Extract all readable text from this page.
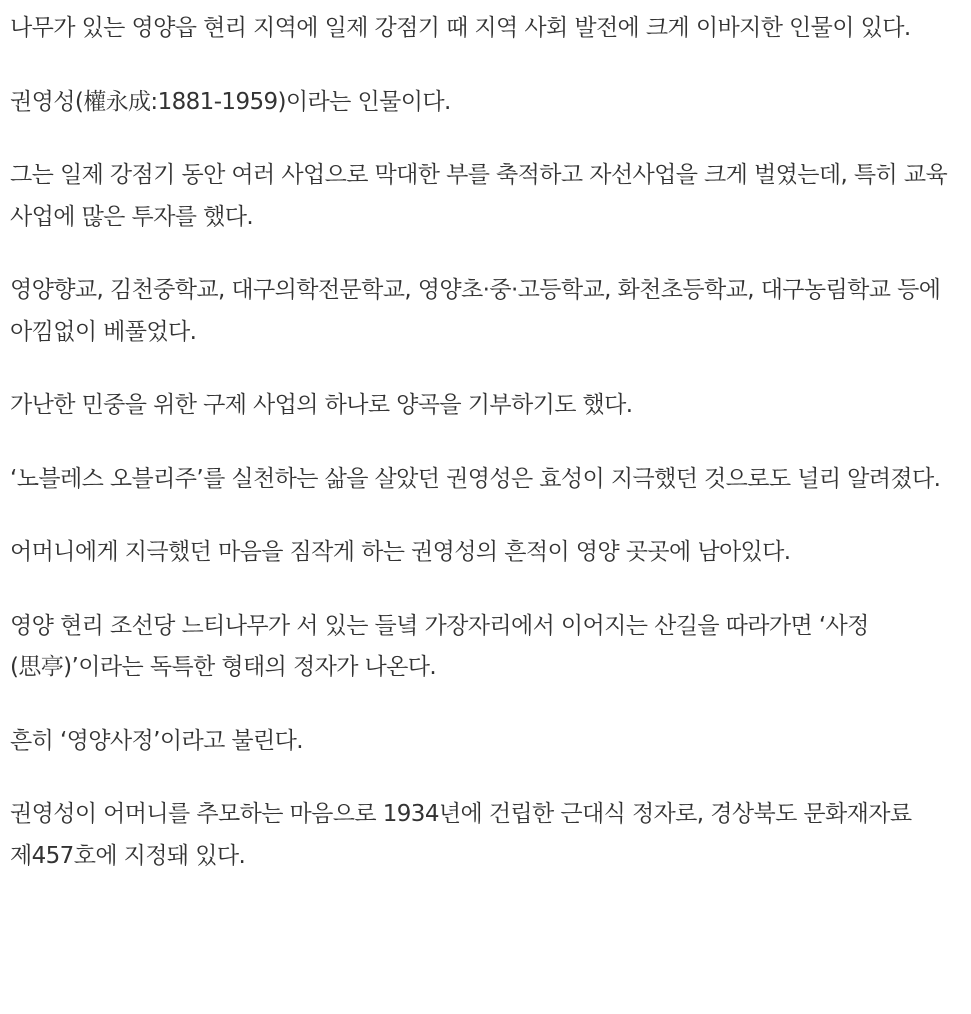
나무가 있는 영양읍 현리 지역에 일제 강점기 때 지역 사회 발전에 크게 이바지한 인물이 있다.

권영성(權永成:1881-1959)이라는 인물이다.

그는 일제 강점기 동안 여러 사업으로 막대한 부를 축적하고 자선사업을 크게 벌였는데, 특히 교육 사업에 많은 투자를 했다.

영양향교, 김천중학교, 대구의학전문학교, 영양초·중·고등학교, 화천초등학교, 대구농림학교 등에 아낌없이 베풀었다.

가난한 민중을 위한 구제 사업의 하나로 양곡을 기부하기도 했다.

‘노블레스 오블리주’를 실천하는 삶을 살았던 권영성은 효성이 지극했던 것으로도 널리 알려졌다.

어머니에게 지극했던 마음을 짐작게 하는 권영성의 흔적이 영양 곳곳에 남아있다.

영양 현리 조선당 느티나무가 서 있는 들녘 가장자리에서 이어지는 산길을 따라가면 ‘사정(思亭)’이라는 독특한 형태의 정자가 나온다.

흔히 ‘영양사정’이라고 불린다.

권영성이 어머니를 추모하는 마음으로 1934년에 건립한 근대식 정자로, 경상북도 문화재자료 제457호에 지정돼 있다.
